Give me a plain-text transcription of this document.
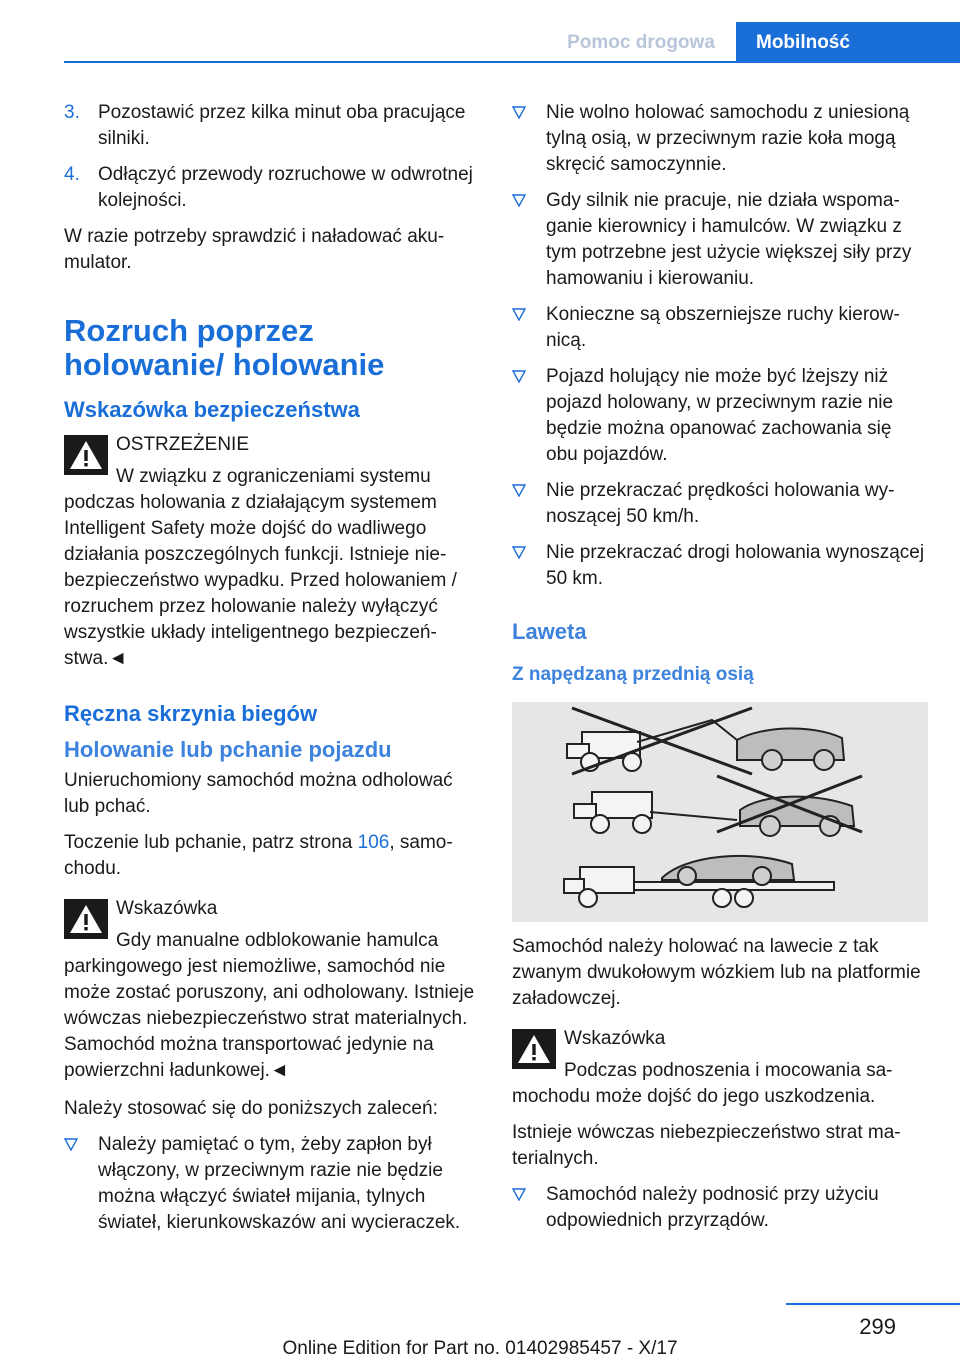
Pomoc drogowa	Mobilność
3. Pozostawić przez kilka minut oba pracujące silniki.
4. Odłączyć przewody rozruchowe w odwrotnej kolejności.

W razie potrzeby sprawdzić i naładować akumulator.

Rozruch poprzez holowanie/ holowanie
Wskazówka bezpieczeństwa
OSTRZEŻENIE
W związku z ograniczeniami systemu podczas holowania z działającym systemem Intelligent Safety może dojść do wadliwego działania poszczególnych funkcji. Istnieje niebezpieczeństwo wypadku. Przed holowaniem / rozruchem przez holowanie należy wyłączyć wszystkie układy inteligentnego bezpieczeństwa.◄
Ręczna skrzynia biegów
Holowanie lub pchanie pojazdu

Unieruchomiony samochód można odholować lub pchać.

Toczenie lub pchanie, patrz strona 106, samochodu.

Wskazówka
Gdy manualne odblokowanie hamulca parkingowego jest niemożliwe, samochód nie może zostać poruszony, ani odholowany. Istnieje wówczas niebezpieczeństwo strat materialnych. Samochód można transportować jedynie na powierzchni ładunkowej.◄

Należy stosować się do poniższych zaleceń:

Należy pamiętać o tym, żeby zapłon był włączony, w przeciwnym razie nie będzie można włączyć świateł mijania, tylnych świateł, kierunkowskazów ani wycieraczek.
Nie wolno holować samochodu z uniesioną tylną osią, w przeciwnym razie koła mogą skręcić samoczynnie.
Gdy silnik nie pracuje, nie działa wspomaganie kierownicy i hamulców. W związku z tym potrzebne jest użycie większej siły przy hamowaniu i kierowaniu.
Konieczne są obszerniejsze ruchy kierownicą.
Pojazd holujący nie może być lżejszy niż pojazd holowany, w przeciwnym razie nie będzie można opanować zachowania się obu pojazdów.
Nie przekraczać prędkości holowania wynoszącej 50 km/h.
Nie przekraczać drogi holowania wynoszącej 50 km.
Laweta
Z napędzaną przednią osią

Samochód należy holować na lawecie z tak zwanym dwukołowym wózkiem lub na platformie załadowczej.

Wskazówka
Podczas podnoszenia i mocowania samochodu może dojść do jego uszkodzenia.

Istnieje wówczas niebezpieczeństwo strat materialnych.

Samochód należy podnosić przy użyciu odpowiednich przyrządów.
299
Online Edition for Part no. 01402985457 - X/17
